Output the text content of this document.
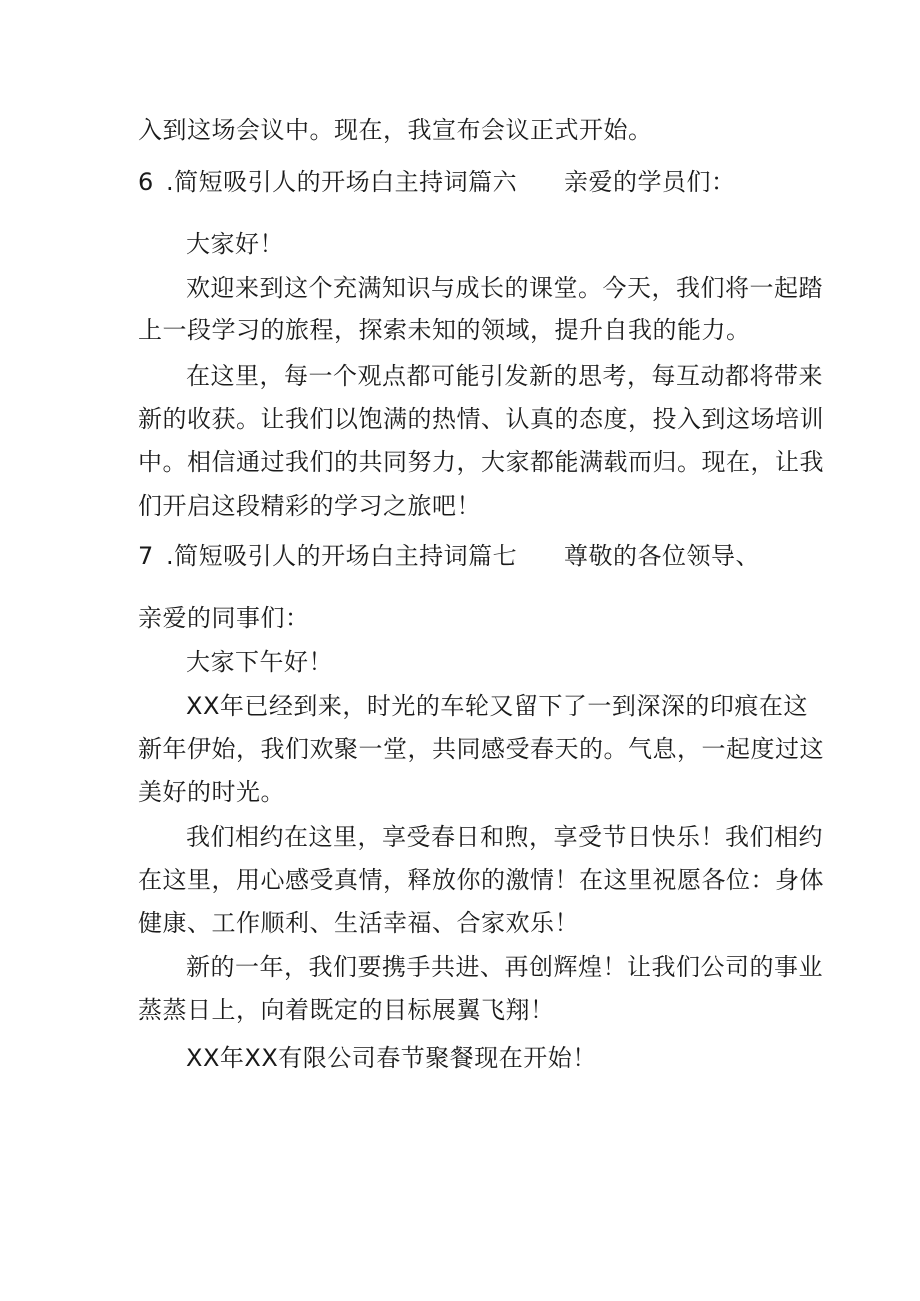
入到这场会议中。现在，我宣布会议正式开始。
6 .简短吸引人的开场白主持词篇六 亲爱的学员们：
大家好！
欢迎来到这个充满知识与成长的课堂。今天，我们将一起踏
上一段学习的旅程，探索未知的领域，提升自我的能力。
在这里，每一个观点都可能引发新的思考，每互动都将带来
新的收获。让我们以饱满的热情、认真的态度，投入到这场培训
中。相信通过我们的共同努力，大家都能满载而归。现在，让我
们开启这段精彩的学习之旅吧！
7 .简短吸引人的开场白主持词篇七 尊敬的各位领导、
亲爱的同事们：
大家下午好！
XX年已经到来，时光的车轮又留下了一到深深的印痕在这
新年伊始，我们欢聚一堂，共同感受春天的。气息，一起度过这
美好的时光。
我们相约在这里，享受春日和煦，享受节日快乐！我们相约
在这里，用心感受真情，释放你的激情！在这里祝愿各位：身体
健康、工作顺利、生活幸福、合家欢乐！
新的一年，我们要携手共进、再创辉煌！让我们公司的事业
蒸蒸日上，向着既定的目标展翼飞翔！
XX年XX有限公司春节聚餐现在开始！
